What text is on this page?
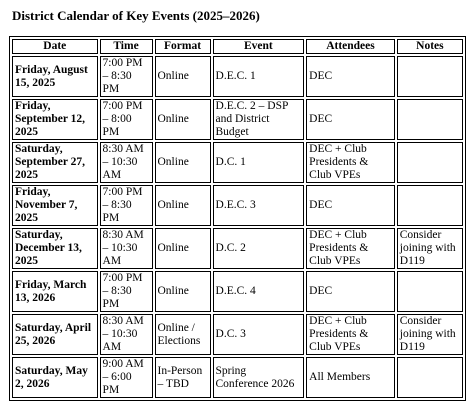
District Calendar of Key Events (2025–2026)
Date	Time	Format	Event	Attendees	Notes
Friday, August 15, 2025	7:00 PM – 8:30 PM	Online	D.E.C. 1	DEC	
Friday, September 12, 2025	7:00 PM – 8:00 PM	Online	D.E.C. 2 – DSP and District Budget	DEC	
Saturday, September 27, 2025	8:30 AM – 10:30 AM	Online	D.C. 1	DEC + Club Presidents & Club VPEs	
Friday, November 7, 2025	7:00 PM – 8:30 PM	Online	D.E.C. 3	DEC	
Saturday, December 13, 2025	8:30 AM – 10:30 AM	Online	D.C. 2	DEC + Club Presidents & Club VPEs	Consider joining with D119
Friday, March 13, 2026	7:00 PM – 8:30 PM	Online	D.E.C. 4	DEC	
Saturday, April 25, 2026	8:30 AM – 10:30 AM	Online / Elections	D.C. 3	DEC + Club Presidents & Club VPEs	Consider joining with D119
Saturday, May 2, 2026	9:00 AM – 6:00 PM	In-Person – TBD	Spring Conference 2026	All Members	
